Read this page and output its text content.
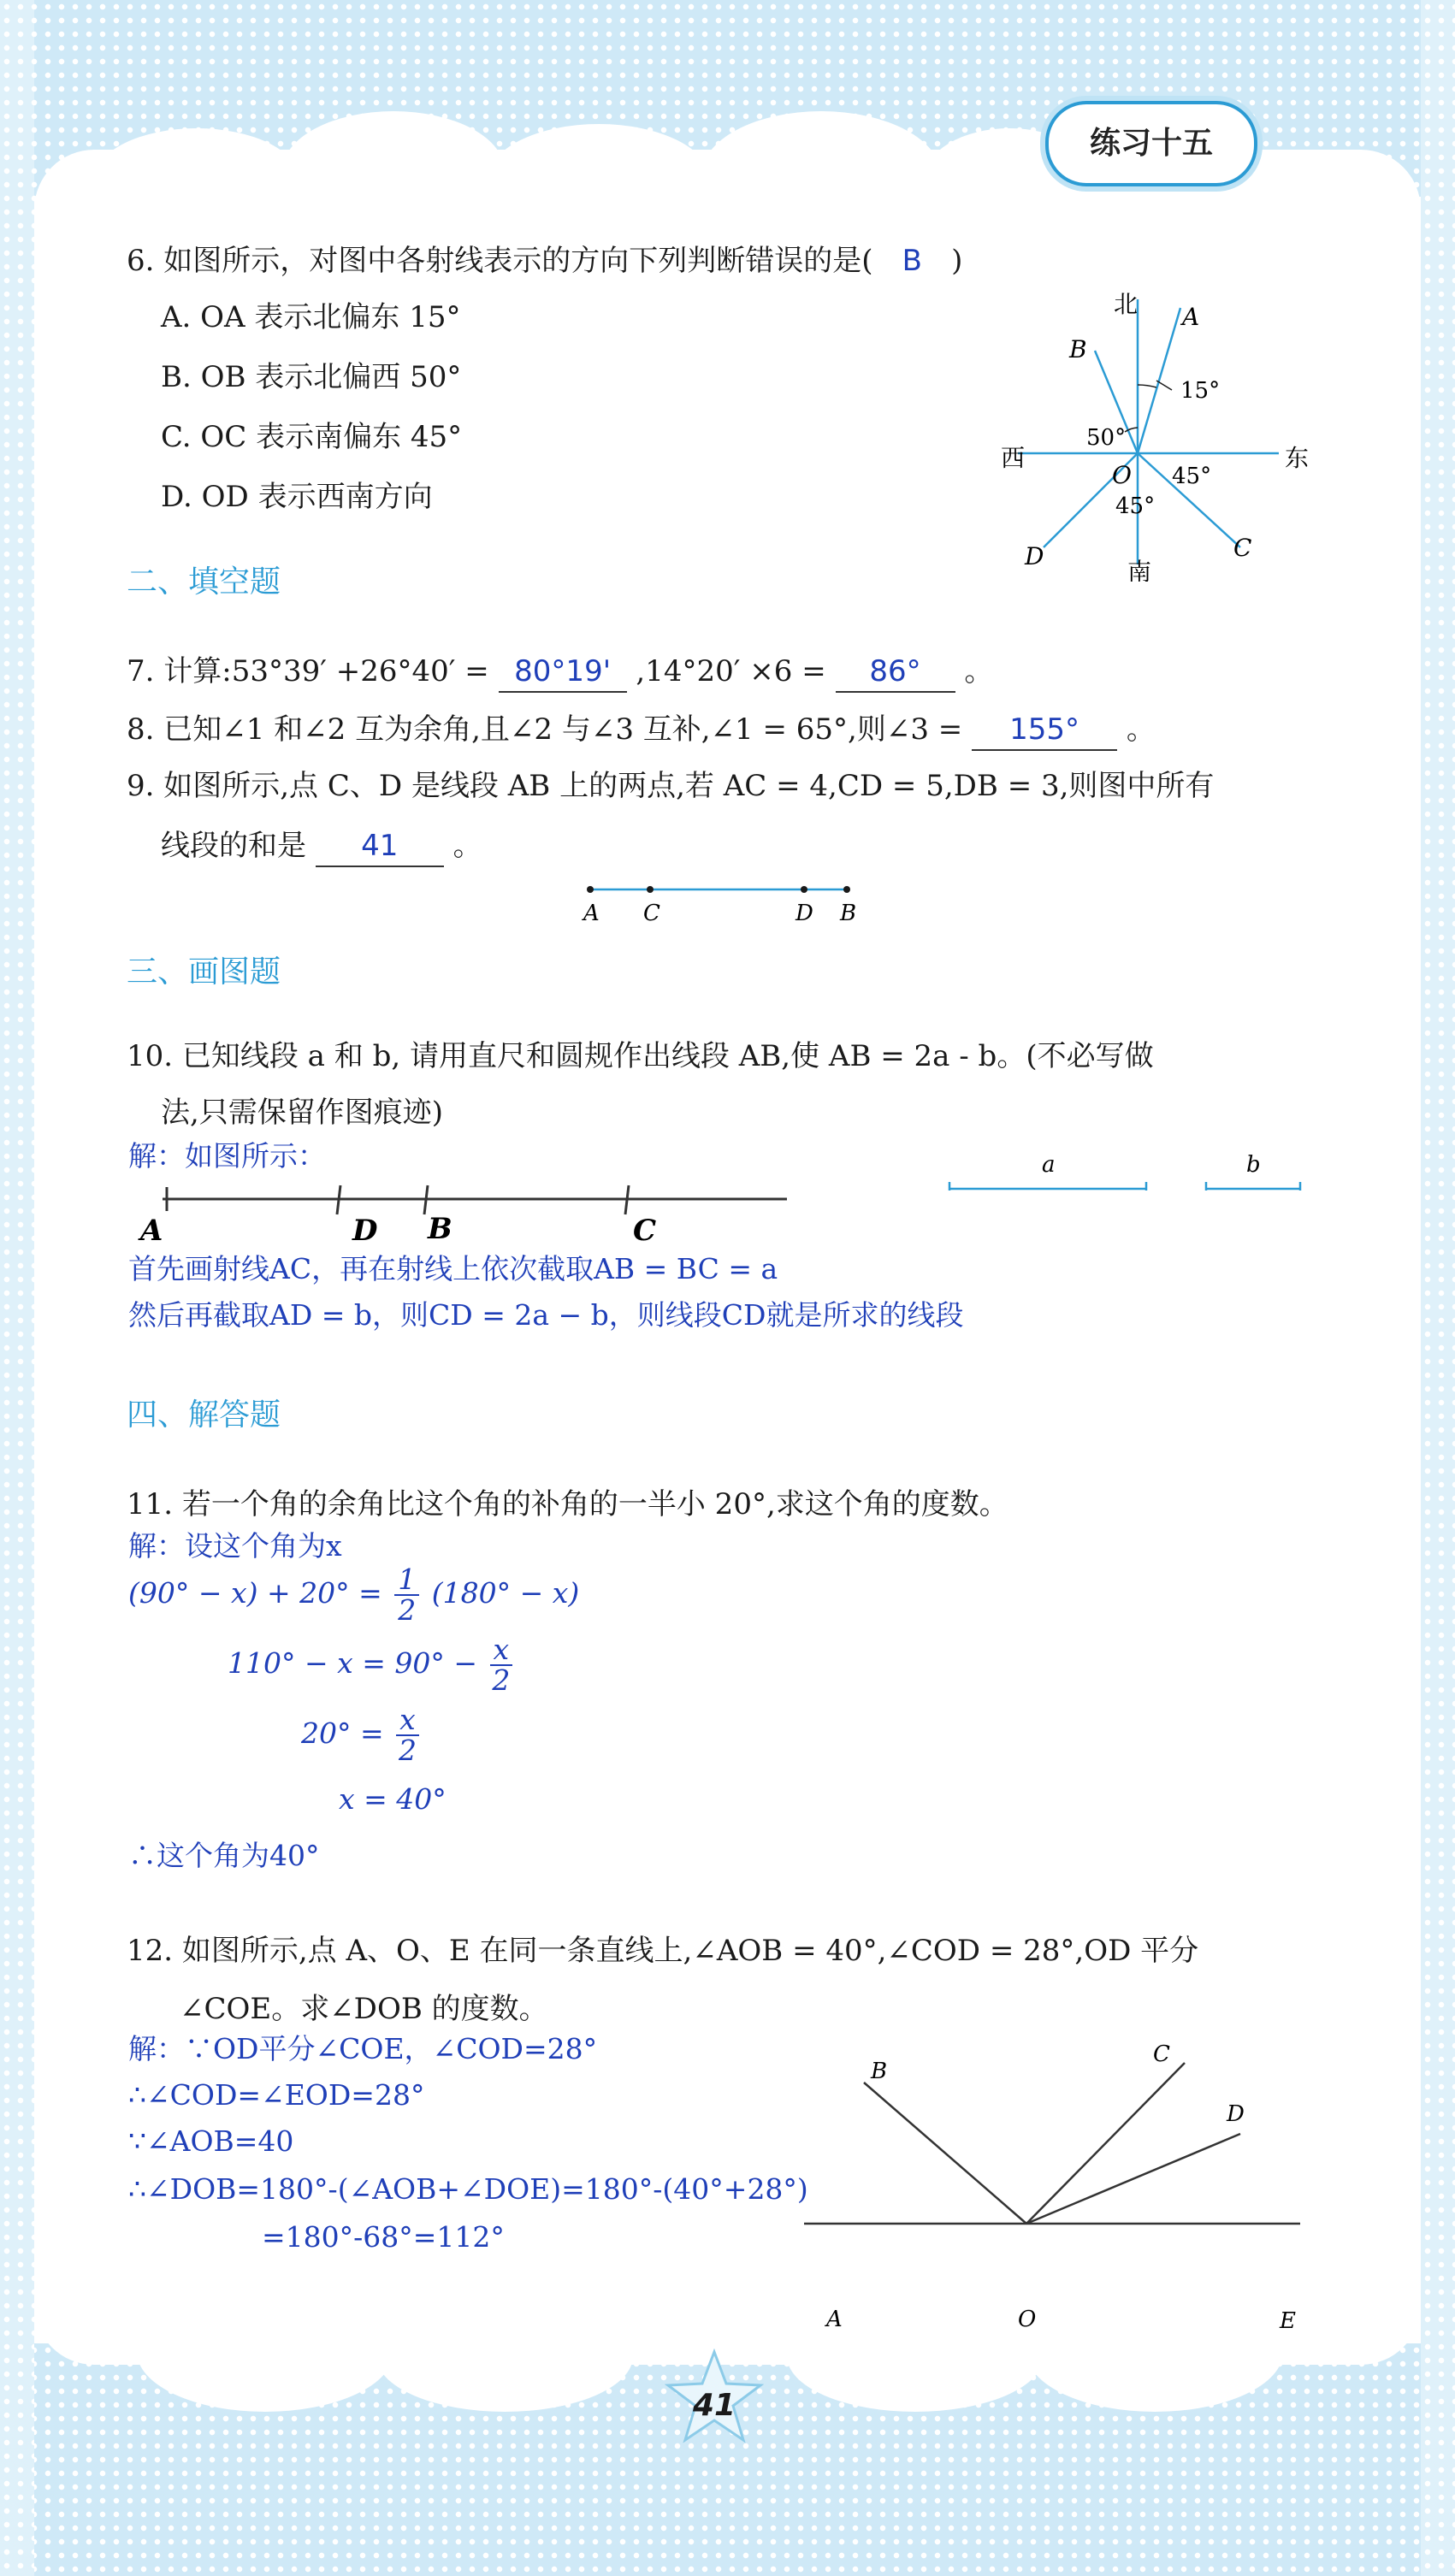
练习十五
6. 如图所示，对图中各射线表示的方向下列判断错误的是( B )
A. OA 表示北偏东 15°
B. OB 表示北偏西 50°
C. OC 表示南偏东 45°
D. OD 表示西南方向
北
南
西	东
A
B
C
D
O
15°
50°
45°
45°
二、填空题
7. 计算:53°39′ +26°40′ = 80°19' ,14°20′ ×6 = 86° 。
8. 已知∠1 和∠2 互为余角,且∠2 与∠3 互补,∠1 = 65°,则∠3 = 155° 。
9. 如图所示,点 C、D 是线段 AB 上的两点,若 AC = 4,CD = 5,DB = 3,则图中所有
线段的和是 41 。
A C	D B
三、画图题
10. 已知线段 a 和 b, 请用直尺和圆规作出线段 AB,使 AB = 2a - b。(不必写做
法,只需保留作图痕迹)
解：如图所示：	a	b
A	D B	C
首先画射线AC，再在射线上依次截取AB = BC = a
然后再截取AD = b，则CD = 2a − b，则线段CD就是所求的线段
四、解答题
11. 若一个角的余角比这个角的补角的一半小 20°,求这个角的度数。
解：设这个角为x
$(90^\circ - x) + 20^\circ = \frac{1}{2} (180^\circ - x)$
$110^\circ - x = 90^\circ - \frac{x}{2}$
$20^\circ = \frac{x}{2}$
x = 40°
∴这个角为40°
12. 如图所示,点 A、O、E 在同一条直线上,∠AOB = 40°,∠COD = 28°,OD 平分
∠COE。求∠DOB 的度数。
解：∵OD平分∠COE，∠COD=28°
∴∠COD=∠EOD=28°
∵∠AOB=40
∴∠DOB=180°-(∠AOB+∠DOE)=180°-(40°+28°)
=180°-68°=112°
B
C
D
A	O	E
41
